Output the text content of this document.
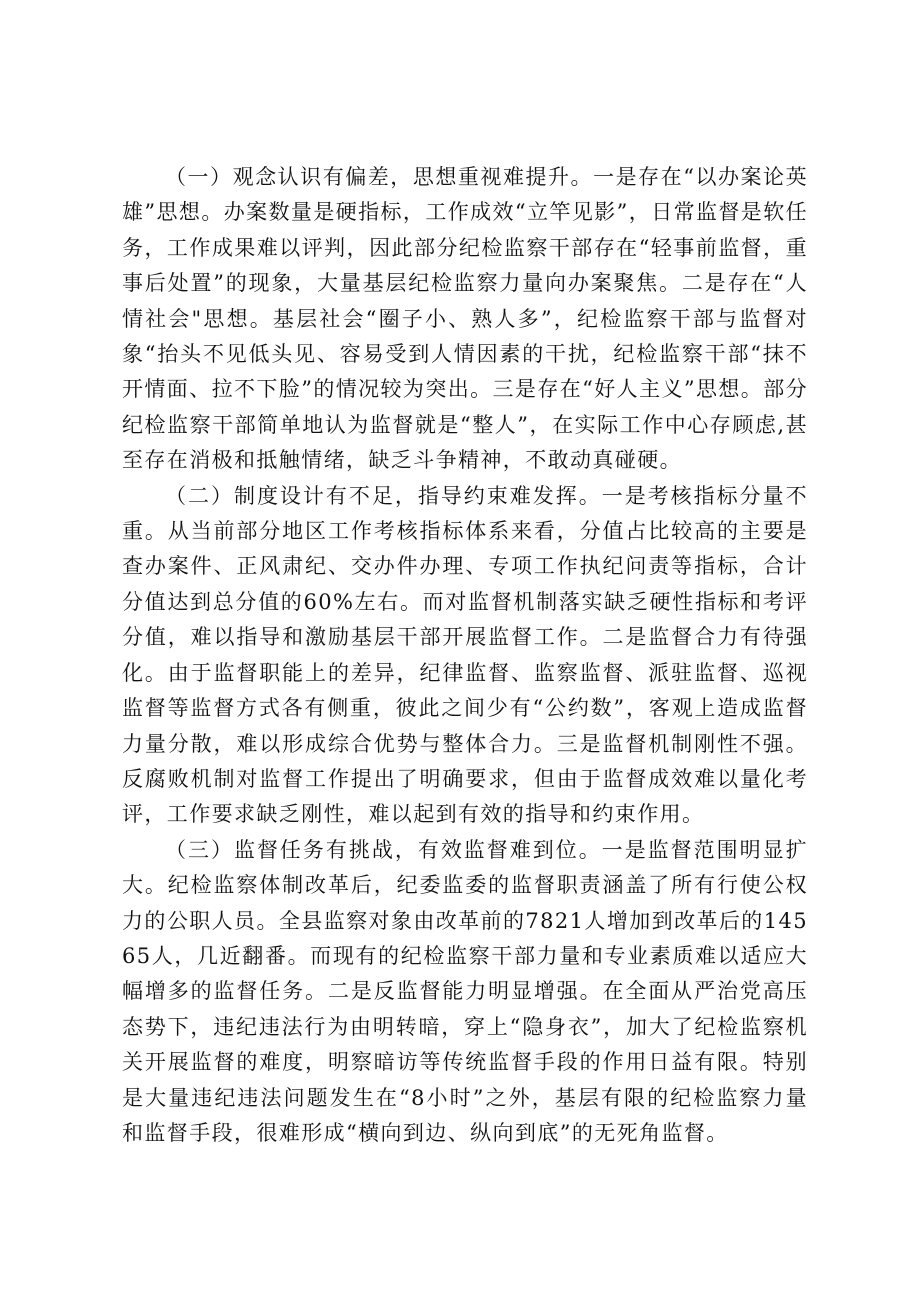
（一）观念认识有偏差，思想重视难提升。一是存在“以办案论英雄”思想。办案数量是硬指标，工作成效“立竿见影”，日常监督是软任务，工作成果难以评判，因此部分纪检监察干部存在“轻事前监督，重事后处置”的现象，大量基层纪检监察力量向办案聚焦。二是存在“人情社会"思想。基层社会“圈子小、熟人多”，纪检监察干部与监督对象“抬头不见低头见、容易受到人情因素的干扰，纪检监察干部“抹不开情面、拉不下脸”的情况较为突出。三是存在“好人主义”思想。部分纪检监察干部简单地认为监督就是“整人”，在实际工作中心存顾虑,甚至存在消极和抵触情绪，缺乏斗争精神，不敢动真碰硬。

（二）制度设计有不足，指导约束难发挥。一是考核指标分量不重。从当前部分地区工作考核指标体系来看，分值占比较高的主要是查办案件、正风肃纪、交办件办理、专项工作执纪问责等指标，合计分值达到总分值的60%左右。而对监督机制落实缺乏硬性指标和考评分值，难以指导和激励基层干部开展监督工作。二是监督合力有待强化。由于监督职能上的差异，纪律监督、监察监督、派驻监督、巡视监督等监督方式各有侧重，彼此之间少有“公约数”，客观上造成监督力量分散，难以形成综合优势与整体合力。三是监督机制刚性不强。反腐败机制对监督工作提出了明确要求，但由于监督成效难以量化考评，工作要求缺乏刚性，难以起到有效的指导和约束作用。

（三）监督任务有挑战，有效监督难到位。一是监督范围明显扩大。纪检监察体制改革后，纪委监委的监督职责涵盖了所有行使公权力的公职人员。全县监察对象由改革前的7821人增加到改革后的14565人，几近翻番。而现有的纪检监察干部力量和专业素质难以适应大幅增多的监督任务。二是反监督能力明显增强。在全面从严治党高压态势下，违纪违法行为由明转暗，穿上“隐身衣”，加大了纪检监察机关开展监督的难度，明察暗访等传统监督手段的作用日益有限。特别是大量违纪违法问题发生在“8小时”之外，基层有限的纪检监察力量和监督手段，很难形成“横向到边、纵向到底”的无死角监督。
